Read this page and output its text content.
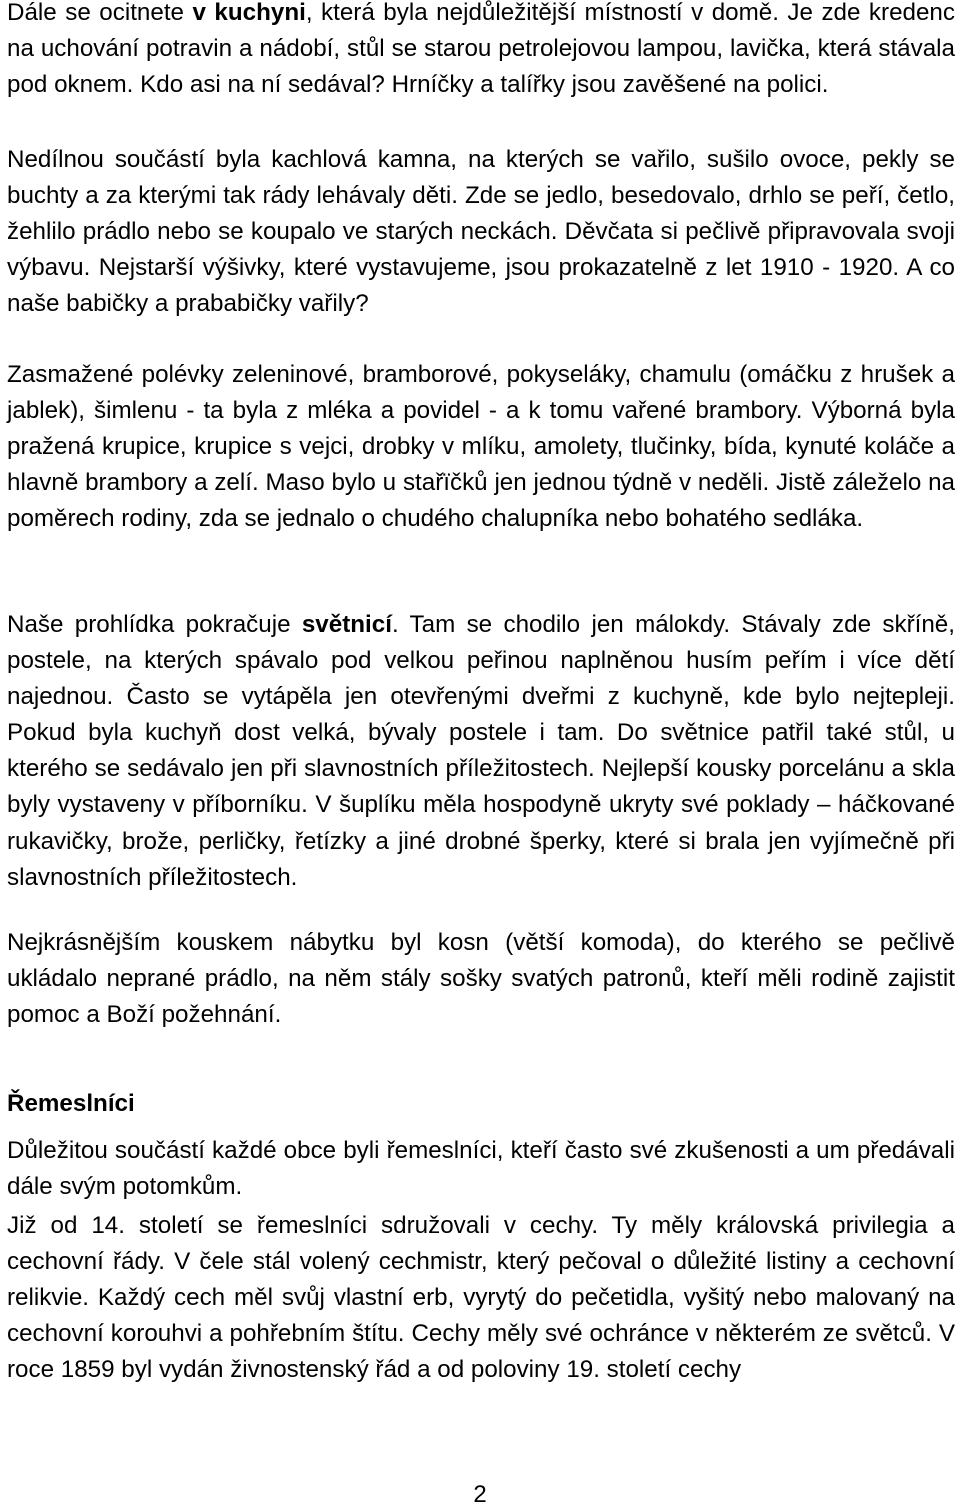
Dále se ocitnete v kuchyni, která byla nejdůležitější místností v domě. Je zde kredenc na uchování potravin a nádobí, stůl se starou petrolejovou lampou, lavička, která stávala pod oknem. Kdo asi na ní sedával? Hrníčky a talířky jsou zavěšené na polici.

Nedílnou součástí byla kachlová kamna, na kterých se vařilo, sušilo ovoce, pekly se buchty a za kterými tak rády lehávaly děti. Zde se jedlo, besedovalo, drhlo se peří, četlo, žehlilo prádlo nebo se koupalo ve starých neckách. Děvčata si pečlivě připravovala svoji výbavu. Nejstarší výšivky, které vystavujeme, jsou prokazatelně z let 1910 - 1920. A co naše babičky a prababičky vařily?

Zasmažené polévky zeleninové, bramborové, pokyseláky, chamulu (omáčku z hrušek a jablek), šimlenu - ta byla z mléka a povidel - a k tomu vařené brambory. Výborná byla pražená krupice, krupice s vejci, drobky v mlíku, amolety, tlučinky, bída, kynuté koláče a hlavně brambory a zelí. Maso bylo u stařïčků jen jednou týdně v neděli. Jistě záleželo na poměrech rodiny, zda se jednalo o chudého chalupníka nebo bohatého sedláka.

Naše prohlídka pokračuje světnicí. Tam se chodilo jen málokdy. Stávaly zde skříně, postele, na kterých spávalo pod velkou peřinou naplněnou husím peřím i více dětí najednou. Často se vytápěla jen otevřenými dveřmi z kuchyně, kde bylo nejtepleji. Pokud byla kuchyň dost velká, bývaly postele i tam. Do světnice patřil také stůl, u kterého se sedávalo jen při slavnostních příležitostech. Nejlepší kousky porcelánu a skla byly vystaveny v příborníku. V šuplíku měla hospodyně ukryty své poklady – háčkované rukavičky, brože, perličky, řetízky a jiné drobné šperky, které si brala jen vyjímečně při slavnostních příležitostech.

Nejkrásnějším kouskem nábytku byl kosn (větší komoda), do kterého se pečlivě ukládalo neprané prádlo, na něm stály sošky svatých patronů, kteří měli rodině zajistit pomoc a Boží požehnání.

Řemeslníci

Důležitou součástí každé obce byli řemeslníci, kteří často své zkušenosti a um předávali dále svým potomkům.

Již od 14. století se řemeslníci sdružovali v cechy. Ty měly královská privilegia a cechovní řády. V čele stál volený cechmistr, který pečoval o důležité listiny a cechovní relikvie. Každý cech měl svůj vlastní erb, vyrytý do pečetidla, vyšitý nebo malovaný na cechovní korouhvi a pohřebním štítu. Cechy měly své ochránce v některém ze světců. V roce 1859 byl vydán živnostenský řád a od poloviny 19. století cechy

2
